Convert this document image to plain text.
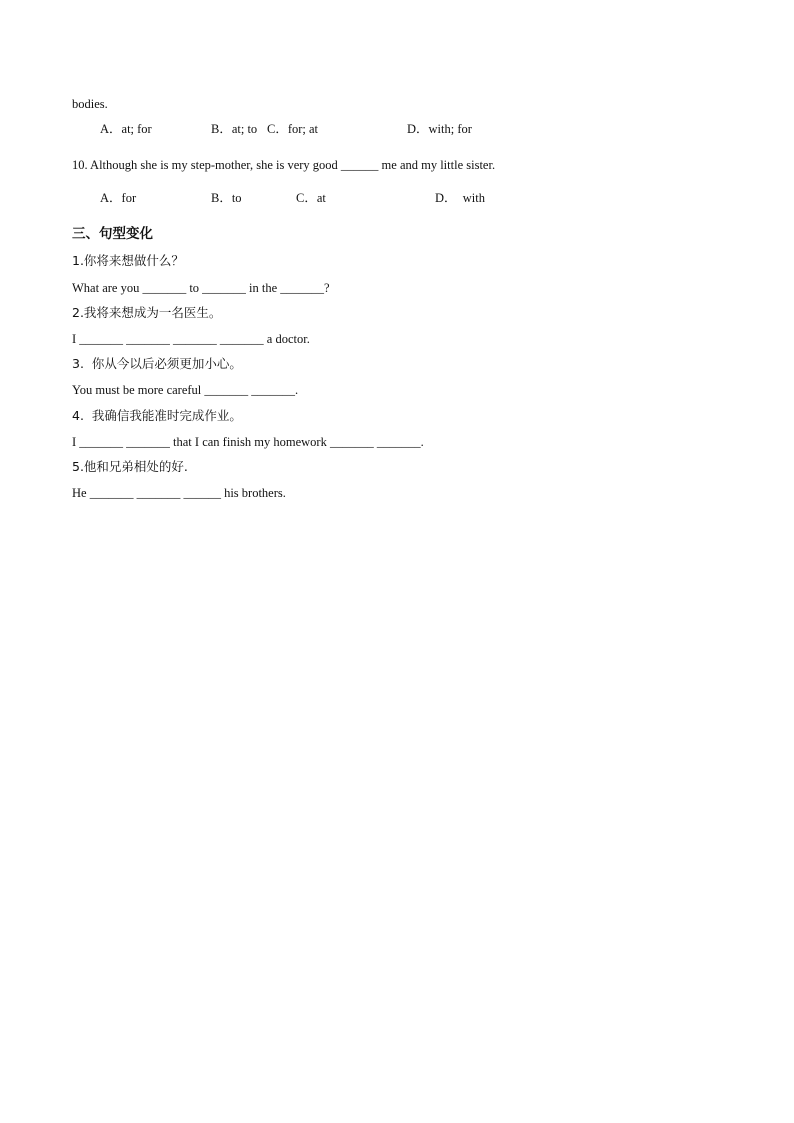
bodies.
A．at; for	B．at; to C．for; at	D．with; for
10. Although she is my step-mother, she is very good ______ me and my little sister.
A．for	B．to	C．at	D．  with
三、句型变化
1.你将来想做什么？
What are you _______ to _______ in the _______?
2.我将来想成为一名医生。
I _______ _______ _______ _______ a doctor.
3.  你从今以后必须更加小心。
You must be more careful _______ _______.
4.  我确信我能准时完成作业。
I _______ _______ that I can finish my homework _______ _______.
5.他和兄弟相处的好.
He _______ _______ ______ his brothers.
